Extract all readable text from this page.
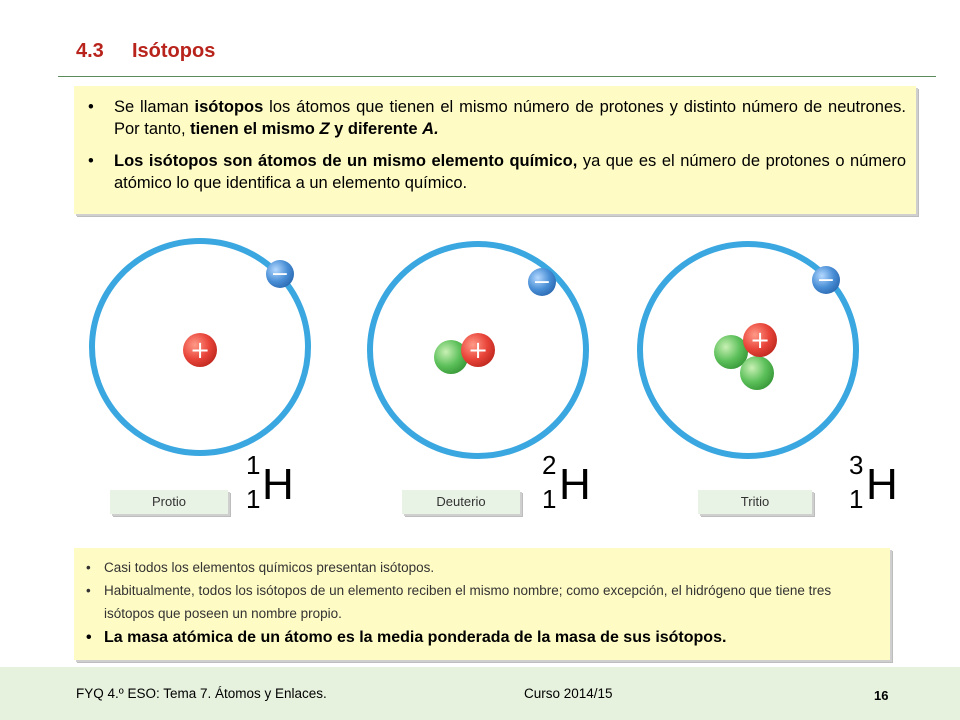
4.3 Isótopos
• Se llaman isótopos los átomos que tienen el mismo número de protones y distinto número de neutrones. Por tanto, tienen el mismo Z y diferente A.
• Los isótopos son átomos de un mismo elemento químico, ya que es el número de protones o número atómico lo que identifica a un elemento químico.
+
−
+
−
+
−
Protio	Deuterio	Tritio
1
1 H	2
1 H	3
1 H
• Casi todos los elementos químicos presentan isótopos.
• Habitualmente, todos los isótopos de un elemento reciben el mismo nombre; como excepción, el hidrógeno que tiene tres isótopos que poseen un nombre propio.
• La masa atómica de un átomo es la media ponderada de la masa de sus isótopos.
FYQ 4.º ESO: Tema 7. Átomos y Enlaces.	Curso 2014/15	16
